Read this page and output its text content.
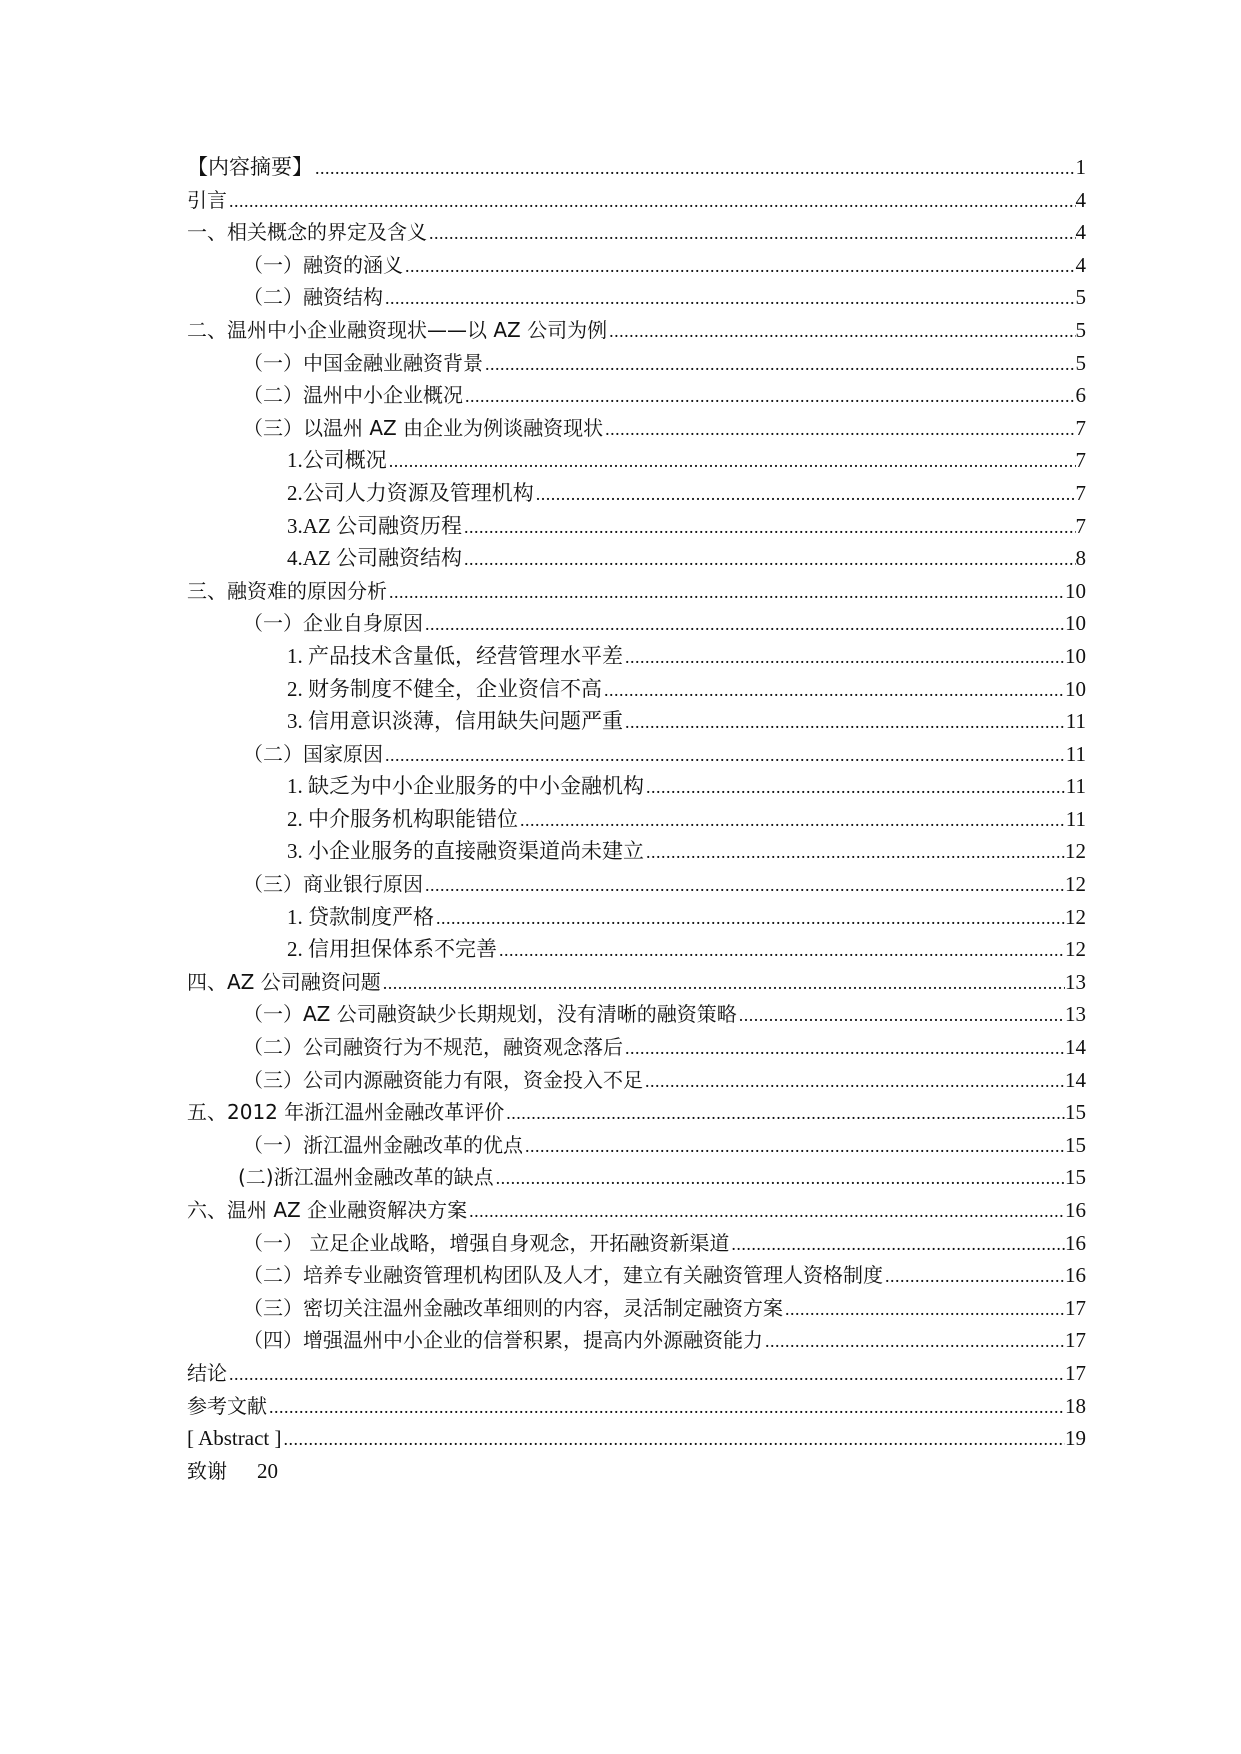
【内容摘要】 .....	1
引言 .....	4
一、相关概念的界定及含义 .....	4
（一）融资的涵义 .....	4
（二）融资结构 .....	5
二、温州中小企业融资现状——以 AZ 公司为例 .....	5
（一）中国金融业融资背景 .....	5
（二）温州中小企业概况 .....	6
（三）以温州 AZ 由企业为例谈融资现状 .....	7
1.公司概况 .....	7
2.公司人力资源及管理机构 .....	7
3.AZ 公司融资历程 .....	7
4.AZ 公司融资结构 .....	8
三、融资难的原因分析 .....	10
（一）企业自身原因 .....	10
1. 产品技术含量低，经营管理水平差 .....	10
2. 财务制度不健全，企业资信不高 .....	10
3. 信用意识淡薄，信用缺失问题严重 .....	11
（二）国家原因 .....	11
1. 缺乏为中小企业服务的中小金融机构 .....	11
2. 中介服务机构职能错位 .....	11
3. 小企业服务的直接融资渠道尚未建立 .....	12
（三）商业银行原因 .....	12
1. 贷款制度严格 .....	12
2. 信用担保体系不完善 .....	12
四、AZ 公司融资问题 .....	13
（一）AZ 公司融资缺少长期规划，没有清晰的融资策略 .....	13
（二）公司融资行为不规范，融资观念落后 .....	14
（三）公司内源融资能力有限，资金投入不足 .....	14
五、2012 年浙江温州金融改革评价 .....	15
（一）浙江温州金融改革的优点 .....	15
(二)浙江温州金融改革的缺点 .....	15
六、温州 AZ 企业融资解决方案 .....	16
（一） 立足企业战略，增强自身观念，开拓融资新渠道 .....	16
（二）培养专业融资管理机构团队及人才，建立有关融资管理人资格制度 .....	16
（三）密切关注温州金融改革细则的内容，灵活制定融资方案 .....	17
（四）增强温州中小企业的信誉积累，提高内外源融资能力 .....	17
结论 .....	17
参考文献 .....	18
[ Abstract ] .....	19
致谢 20
